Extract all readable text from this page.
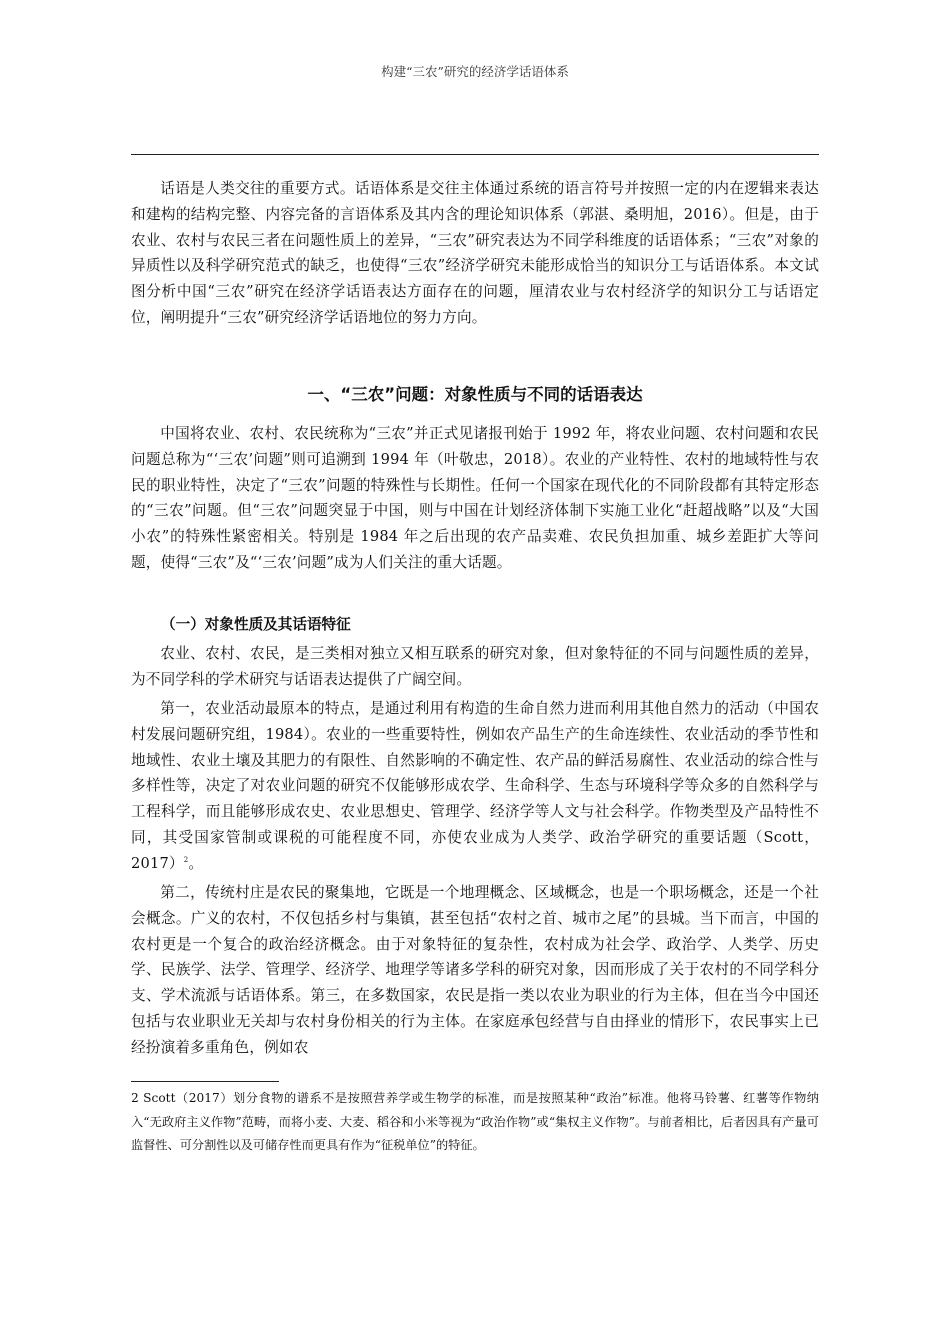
构建“三农”研究的经济学话语体系

话语是人类交往的重要方式。话语体系是交往主体通过系统的语言符号并按照一定的内在逻辑来表达和建构的结构完整、内容完备的言语体系及其内含的理论知识体系（郭湛、桑明旭，2016）。但是，由于农业、农村与农民三者在问题性质上的差异，“三农”研究表达为不同学科维度的话语体系；“三农”对象的异质性以及科学研究范式的缺乏，也使得“三农”经济学研究未能形成恰当的知识分工与话语体系。本文试图分析中国“三农”研究在经济学话语表达方面存在的问题，厘清农业与农村经济学的知识分工与话语定位，阐明提升“三农”研究经济学话语地位的努力方向。

一、“三农”问题：对象性质与不同的话语表达

中国将农业、农村、农民统称为“三农”并正式见诸报刊始于 1992 年，将农业问题、农村问题和农民问题总称为“‘三农’问题”则可追溯到 1994 年（叶敬忠，2018）。农业的产业特性、农村的地域特性与农民的职业特性，决定了“三农”问题的特殊性与长期性。任何一个国家在现代化的不同阶段都有其特定形态的“三农”问题。但“三农”问题突显于中国，则与中国在计划经济体制下实施工业化“赶超战略”以及“大国小农”的特殊性紧密相关。特别是 1984 年之后出现的农产品卖难、农民负担加重、城乡差距扩大等问题，使得“三农”及“‘三农’问题”成为人们关注的重大话题。

（一）对象性质及其话语特征

农业、农村、农民，是三类相对独立又相互联系的研究对象，但对象特征的不同与问题性质的差异，为不同学科的学术研究与话语表达提供了广阔空间。

第一，农业活动最原本的特点，是通过利用有构造的生命自然力进而利用其他自然力的活动（中国农村发展问题研究组，1984）。农业的一些重要特性，例如农产品生产的生命连续性、农业活动的季节性和地域性、农业土壤及其肥力的有限性、自然影响的不确定性、农产品的鲜活易腐性、农业活动的综合性与多样性等，决定了对农业问题的研究不仅能够形成农学、生命科学、生态与环境科学等众多的自然科学与工程科学，而且能够形成农史、农业思想史、管理学、经济学等人文与社会科学。作物类型及产品特性不同，其受国家管制或课税的可能程度不同，亦使农业成为人类学、政治学研究的重要话题（Scott，2017）$^2$。

第二，传统村庄是农民的聚集地，它既是一个地理概念、区域概念，也是一个职场概念，还是一个社会概念。广义的农村，不仅包括乡村与集镇，甚至包括“农村之首、城市之尾”的县城。当下而言，中国的农村更是一个复合的政治经济概念。由于对象特征的复杂性，农村成为社会学、政治学、人类学、历史学、民族学、法学、管理学、经济学、地理学等诸多学科的研究对象，因而形成了关于农村的不同学科分支、学术流派与话语体系。第三，在多数国家，农民是指一类以农业为职业的行为主体，但在当今中国还包括与农业职业无关却与农村身份相关的行为主体。在家庭承包经营与自由择业的情形下，农民事实上已经扮演着多重角色，例如农

2 Scott（2017）划分食物的谱系不是按照营养学或生物学的标准，而是按照某种“政治”标准。他将马铃薯、红薯等作物纳入“无政府主义作物”范畴，而将小麦、大麦、稻谷和小米等视为“政治作物”或“集权主义作物”。与前者相比，后者因具有产量可监督性、可分割性以及可储存性而更具有作为“征税单位”的特征。
